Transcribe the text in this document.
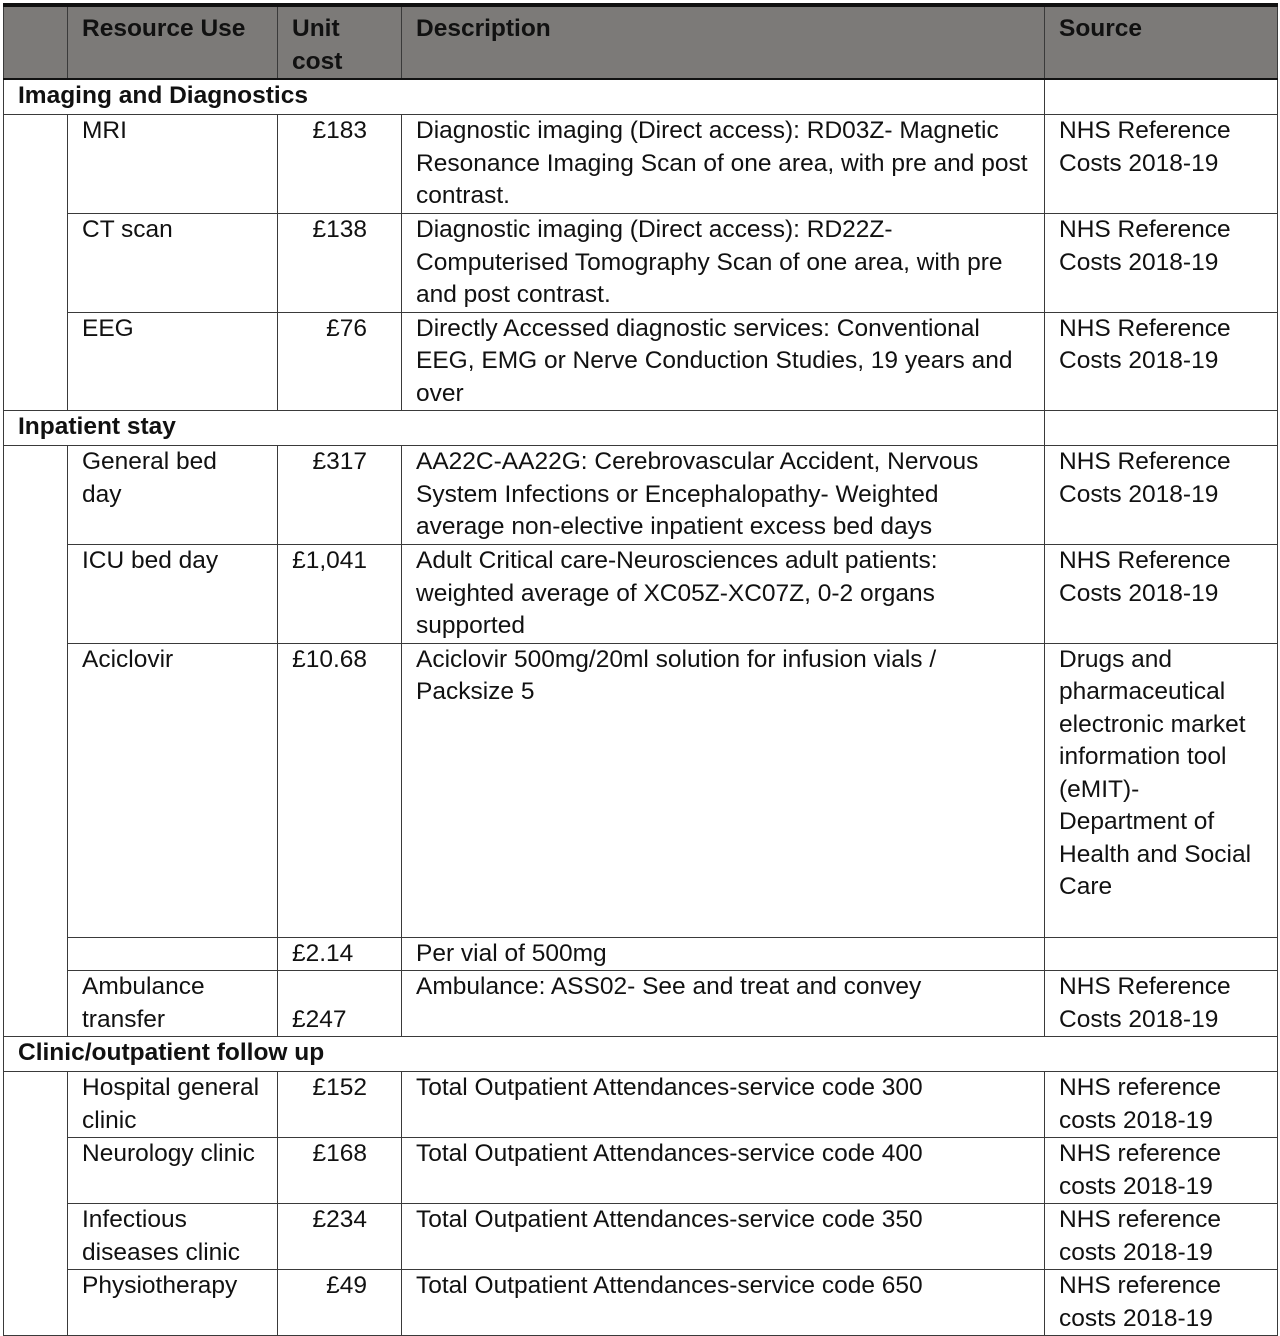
	Resource Use	Unit cost	Description	Source
Imaging and Diagnostics				
	MRI	£183	Diagnostic imaging (Direct access): RD03Z- Magnetic Resonance Imaging Scan of one area, with pre and post contrast.	NHS Reference Costs 2018-19
	CT scan	£138	Diagnostic imaging (Direct access): RD22Z- Computerised Tomography Scan of one area, with pre and post contrast.	NHS Reference Costs 2018-19
	EEG	£76	Directly Accessed diagnostic services: Conventional EEG, EMG or Nerve Conduction Studies, 19 years and over	NHS Reference Costs 2018-19
Inpatient stay				
	General bed day	£317	AA22C-AA22G: Cerebrovascular Accident, Nervous System Infections or Encephalopathy- Weighted average non-elective inpatient excess bed days	NHS Reference Costs 2018-19
	ICU bed day	£1,041	Adult Critical care-Neurosciences adult patients: weighted average of XC05Z-XC07Z, 0-2 organs supported	NHS Reference Costs 2018-19
	Aciclovir	£10.68	Aciclovir 500mg/20ml solution for infusion vials / Packsize 5	Drugs and pharmaceutical electronic market information tool (eMIT)- Department of Health and Social Care
		£2.14	Per vial of 500mg	
	Ambulance transfer	£247	Ambulance: ASS02- See and treat and convey	NHS Reference Costs 2018-19
Clinic/outpatient follow up				
	Hospital general clinic	£152	Total Outpatient Attendances-service code 300	NHS reference costs 2018-19
	Neurology clinic	£168	Total Outpatient Attendances-service code 400	NHS reference costs 2018-19
	Infectious diseases clinic	£234	Total Outpatient Attendances-service code 350	NHS reference costs 2018-19
	Physiotherapy	£49	Total Outpatient Attendances-service code 650	NHS reference costs 2018-19
